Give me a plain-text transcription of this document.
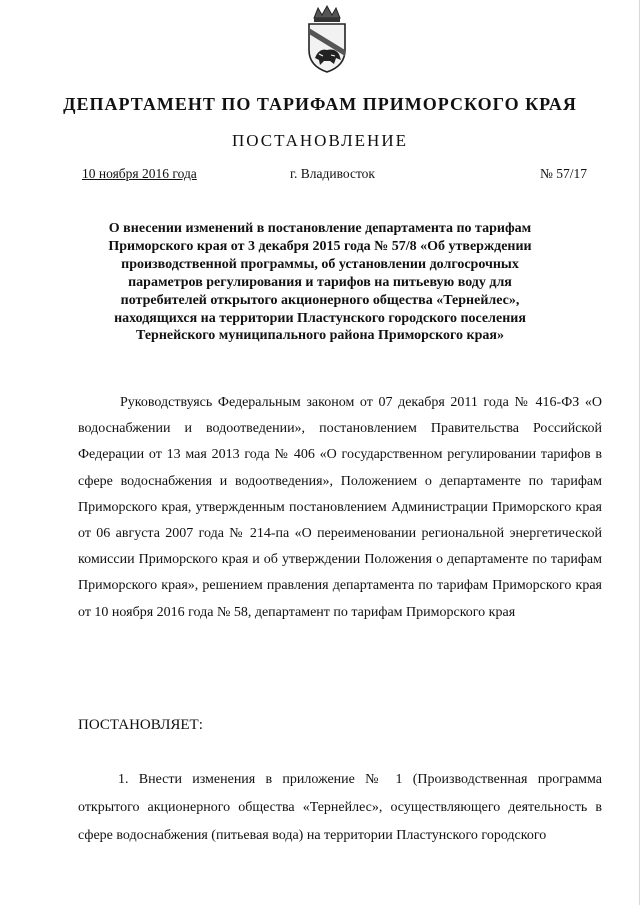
ДЕПАРТАМЕНТ ПО ТАРИФАМ ПРИМОРСКОГО КРАЯ
ПОСТАНОВЛЕНИЕ
10 ноября 2016 года	г. Владивосток	№ 57/17
О внесении изменений в постановление департамента по тарифам Приморского края от 3 декабря 2015 года № 57/8 «Об утверждении производственной программы, об установлении долгосрочных параметров регулирования и тарифов на питьевую воду для потребителей открытого акционерного общества «Тернейлес», находящихся на территории Пластунского городского поселения Тернейского муниципального района Приморского края»

Руководствуясь Федеральным законом от 07 декабря 2011 года № 416-ФЗ «О водоснабжении и водоотведении», постановлением Правительства Российской Федерации от 13 мая 2013 года № 406 «О государственном регулировании тарифов в сфере водоснабжения и водоотведения», Положением о департаменте по тарифам Приморского края, утвержденным постановлением Администрации Приморского края от 06 августа 2007 года № 214-па «О переименовании региональной энергетической комиссии Приморского края и об утверждении Положения о департаменте по тарифам Приморского края», решением правления департамента по тарифам Приморского края от 10 ноября 2016 года № 58, департамент по тарифам Приморского края

ПОСТАНОВЛЯЕТ:

1. Внести изменения в приложение № 1 (Производственная программа открытого акционерного общества «Тернейлес», осуществляющего деятельность в сфере водоснабжения (питьевая вода) на территории Пластунского городского
